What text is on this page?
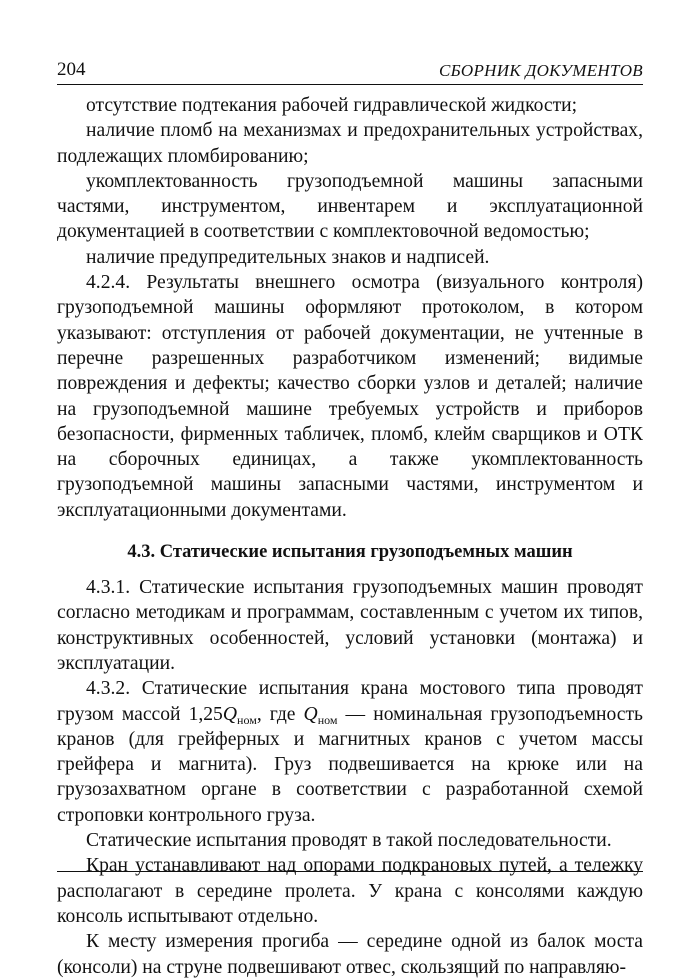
204	СБОРНИК ДОКУМЕНТОВ

отсутствие подтекания рабочей гидравлической жидкости;

наличие пломб на механизмах и предохранительных устройствах, подлежащих пломбированию;

укомплектованность грузоподъемной машины запасными частями, инструментом, инвентарем и эксплуатационной документацией в соответствии с комплектовочной ведомостью;

наличие предупредительных знаков и надписей.

4.2.4. Результаты внешнего осмотра (визуального контроля) грузоподъемной машины оформляют протоколом, в котором указывают: отступления от рабочей документации, не учтенные в перечне разрешенных разработчиком изменений; видимые повреждения и дефекты; качество сборки узлов и деталей; наличие на грузоподъемной машине требуемых устройств и приборов безопасности, фирменных табличек, пломб, клейм сварщиков и ОТК на сборочных единицах, а также укомплектованность грузоподъемной машины запасными частями, инструментом и эксплуатационными документами.

4.3. Статические испытания грузоподъемных машин

4.3.1. Статические испытания грузоподъемных машин проводят согласно методикам и программам, составленным с учетом их типов, конструктивных особенностей, условий установки (монтажа) и эксплуатации.

4.3.2. Статические испытания крана мостового типа проводят грузом массой $1,25Q_{ном}$, где $Q_{ном}$ — номинальная грузоподъемность кранов (для грейферных и магнитных кранов с учетом массы грейфера и магнита). Груз подвешивается на крюке или на грузозахватном органе в соответствии с разработанной схемой строповки контрольного груза.

Статические испытания проводят в такой последовательности.

Кран устанавливают над опорами подкрановых путей, а тележку располагают в середине пролета. У крана с консолями каждую консоль испытывают отдельно.

К месту измерения прогиба — середине одной из балок моста (консоли) на струне подвешивают отвес, скользящий по направляю-
